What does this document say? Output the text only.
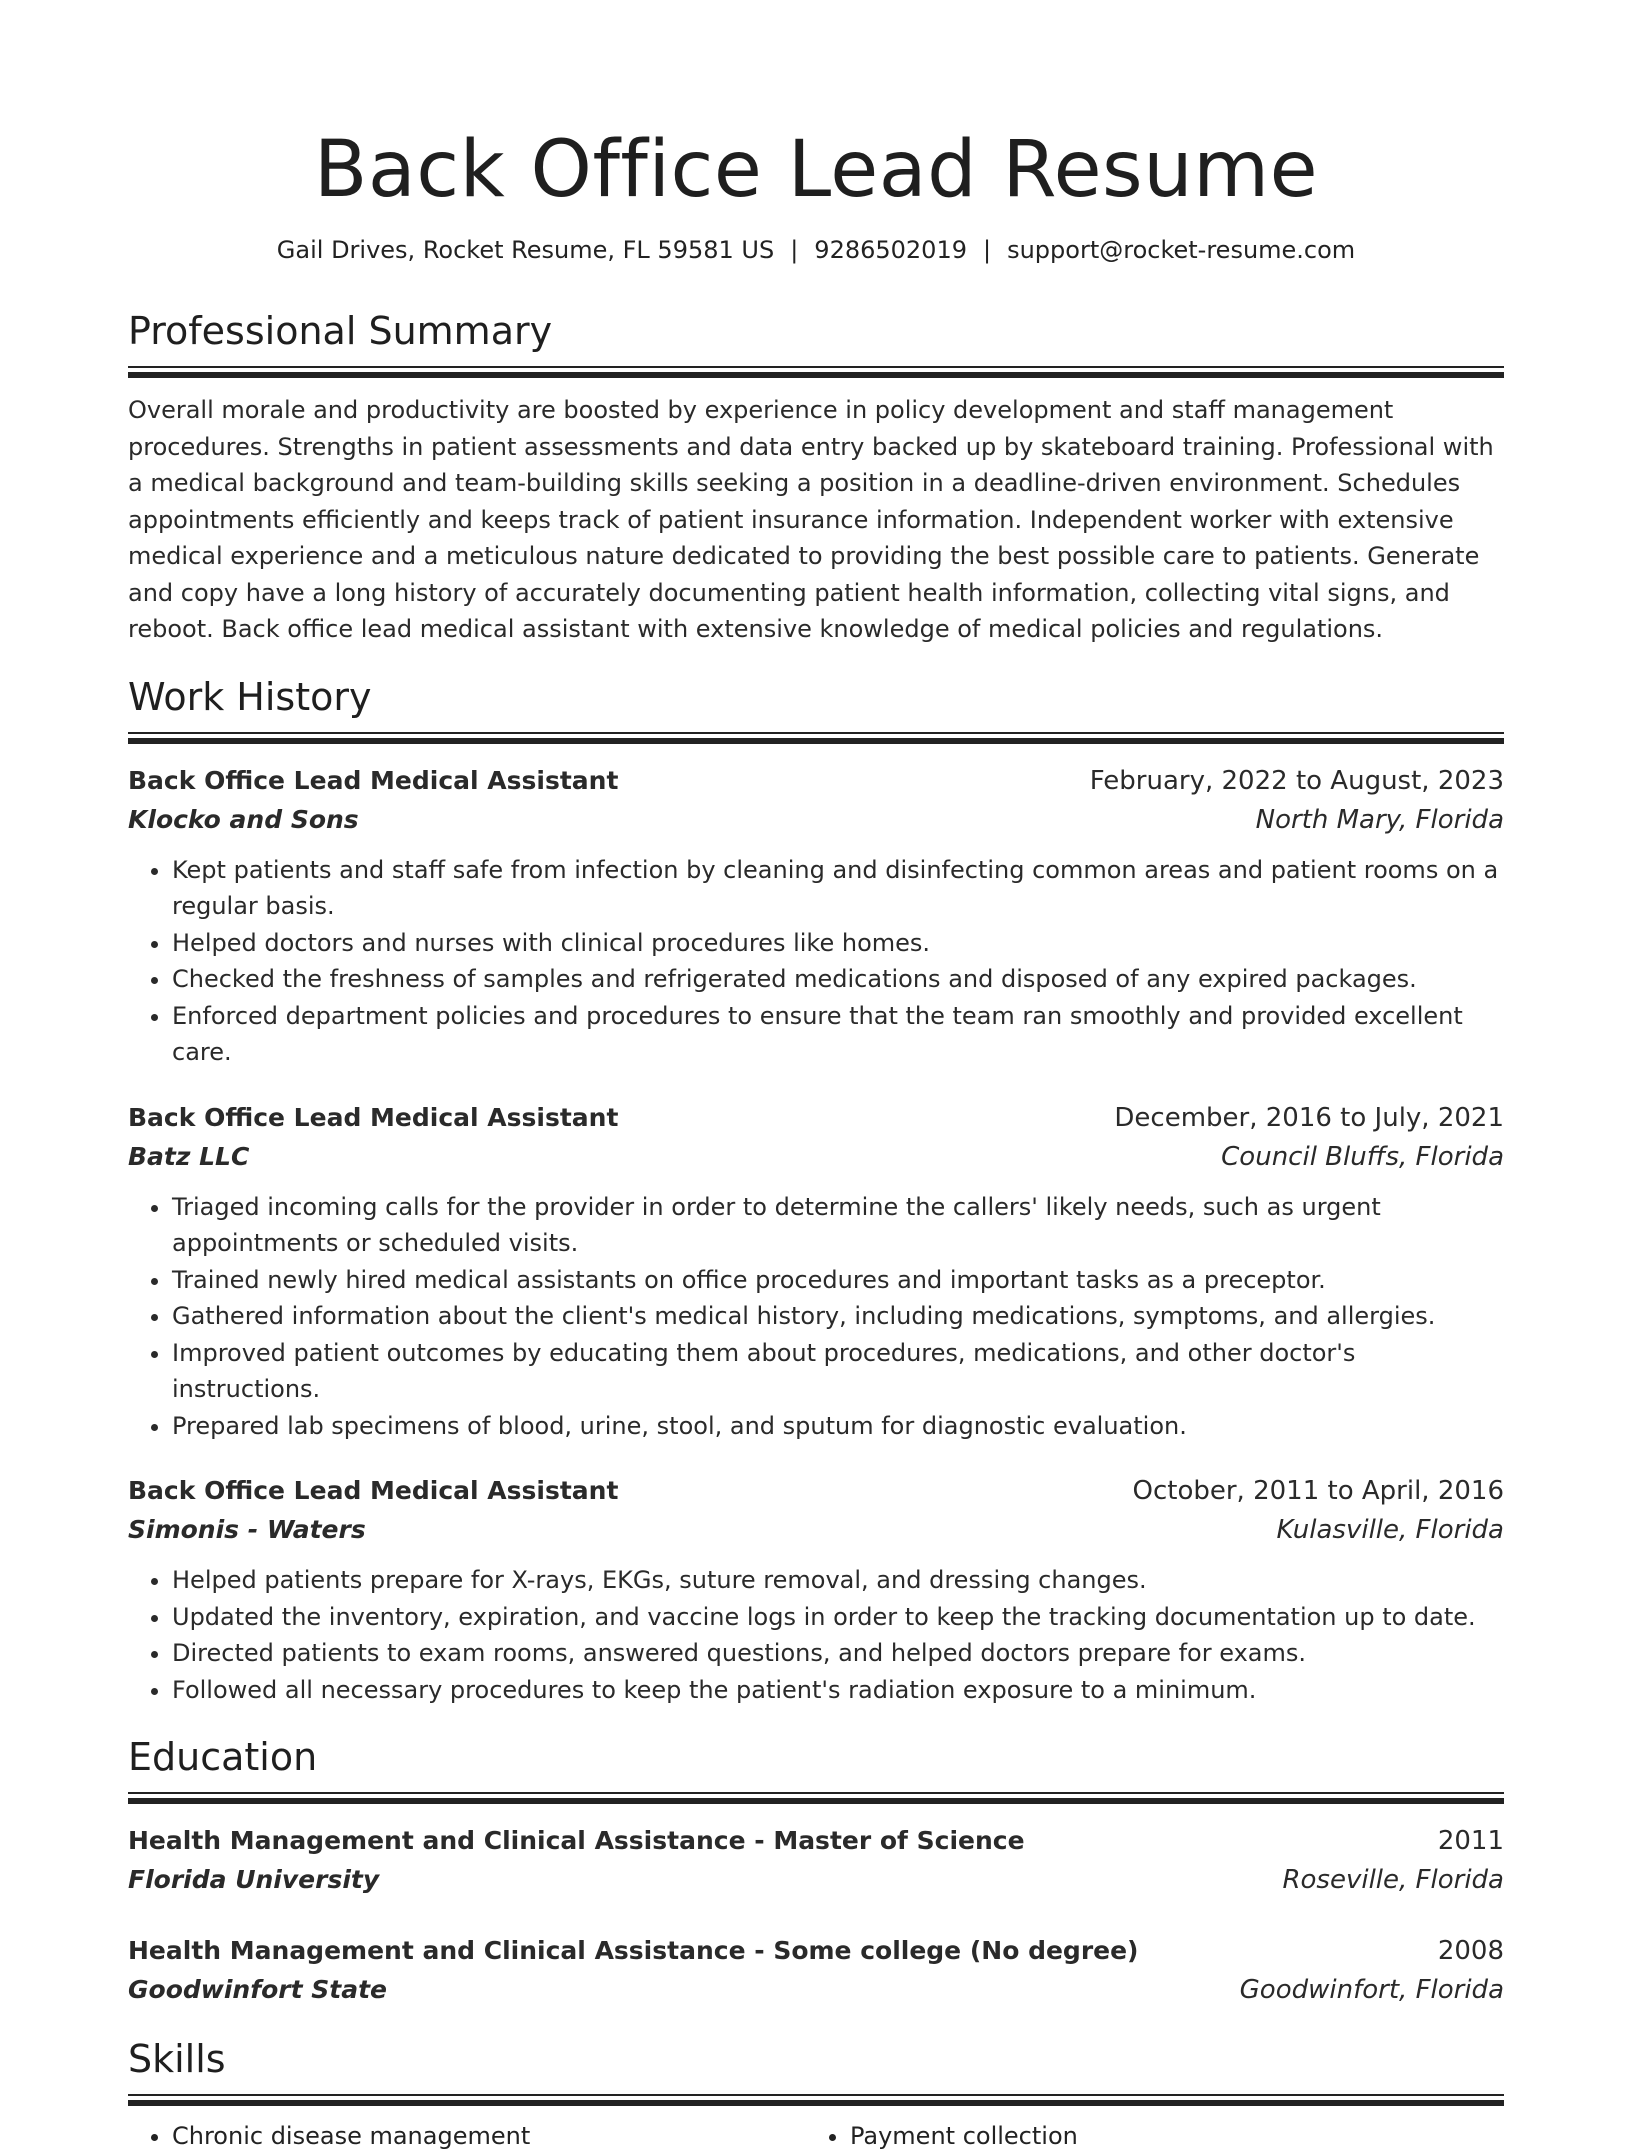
Back Office Lead Resume
Gail Drives, Rocket Resume, FL 59581 US | 9286502019 | support@rocket-resume.com
Professional Summary
Overall morale and productivity are boosted by experience in policy development and staff management procedures. Strengths in patient assessments and data entry backed up by skateboard training. Professional with a medical background and team-building skills seeking a position in a deadline-driven environment. Schedules appointments efficiently and keeps track of patient insurance information. Independent worker with extensive medical experience and a meticulous nature dedicated to providing the best possible care to patients. Generate and copy have a long history of accurately documenting patient health information, collecting vital signs, and reboot. Back office lead medical assistant with extensive knowledge of medical policies and regulations.
Work History
Back Office Lead Medical Assistant	February, 2022 to August, 2023
Klocko and Sons	North Mary, Florida
• Kept patients and staff safe from infection by cleaning and disinfecting common areas and patient rooms on a regular basis.
• Helped doctors and nurses with clinical procedures like homes.
• Checked the freshness of samples and refrigerated medications and disposed of any expired packages.
• Enforced department policies and procedures to ensure that the team ran smoothly and provided excellent care.
Back Office Lead Medical Assistant	December, 2016 to July, 2021
Batz LLC	Council Bluffs, Florida
• Triaged incoming calls for the provider in order to determine the callers' likely needs, such as urgent appointments or scheduled visits.
• Trained newly hired medical assistants on office procedures and important tasks as a preceptor.
• Gathered information about the client's medical history, including medications, symptoms, and allergies.
• Improved patient outcomes by educating them about procedures, medications, and other doctor's instructions.
• Prepared lab specimens of blood, urine, stool, and sputum for diagnostic evaluation.
Back Office Lead Medical Assistant	October, 2011 to April, 2016
Simonis - Waters	Kulasville, Florida
• Helped patients prepare for X-rays, EKGs, suture removal, and dressing changes.
• Updated the inventory, expiration, and vaccine logs in order to keep the tracking documentation up to date.
• Directed patients to exam rooms, answered questions, and helped doctors prepare for exams.
• Followed all necessary procedures to keep the patient's radiation exposure to a minimum.
Education
Health Management and Clinical Assistance - Master of Science	2011
Florida University	Roseville, Florida
Health Management and Clinical Assistance - Some college (No degree)	2008
Goodwinfort State	Goodwinfort, Florida
Skills
• Chronic disease management
•	Payment collection
